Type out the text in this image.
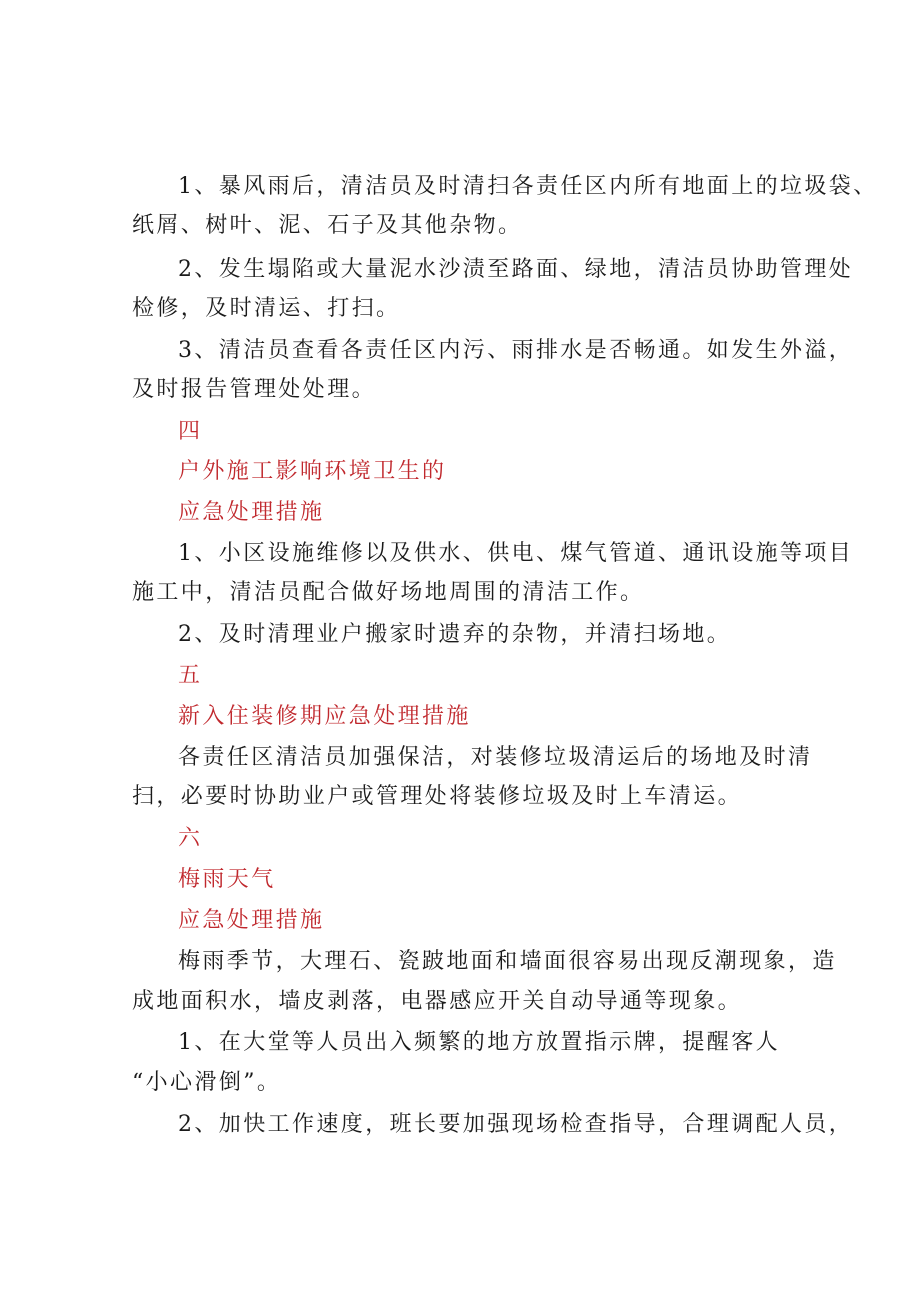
1、暴风雨后，清洁员及时清扫各责任区内所有地面上的垃圾袋、
纸屑、树叶、泥、石子及其他杂物。
2、发生塌陷或大量泥水沙渍至路面、绿地，清洁员协助管理处
检修，及时清运、打扫。
3、清洁员查看各责任区内污、雨排水是否畅通。如发生外溢，
及时报告管理处处理。
四
户外施工影响环境卫生的
应急处理措施
1、小区设施维修以及供水、供电、煤气管道、通讯设施等项目
施工中，清洁员配合做好场地周围的清洁工作。
2、及时清理业户搬家时遗弃的杂物，并清扫场地。
五
新入住装修期应急处理措施
各责任区清洁员加强保洁，对装修垃圾清运后的场地及时清
扫，必要时协助业户或管理处将装修垃圾及时上车清运。
六
梅雨天气
应急处理措施
梅雨季节，大理石、瓷跛地面和墙面很容易出现反潮现象，造
成地面积水，墙皮剥落，电器感应开关自动导通等现象。
1、在大堂等人员出入频繁的地方放置指示牌，提醒客人
“小心滑倒”。
2、加快工作速度，班长要加强现场检查指导，合理调配人员，
